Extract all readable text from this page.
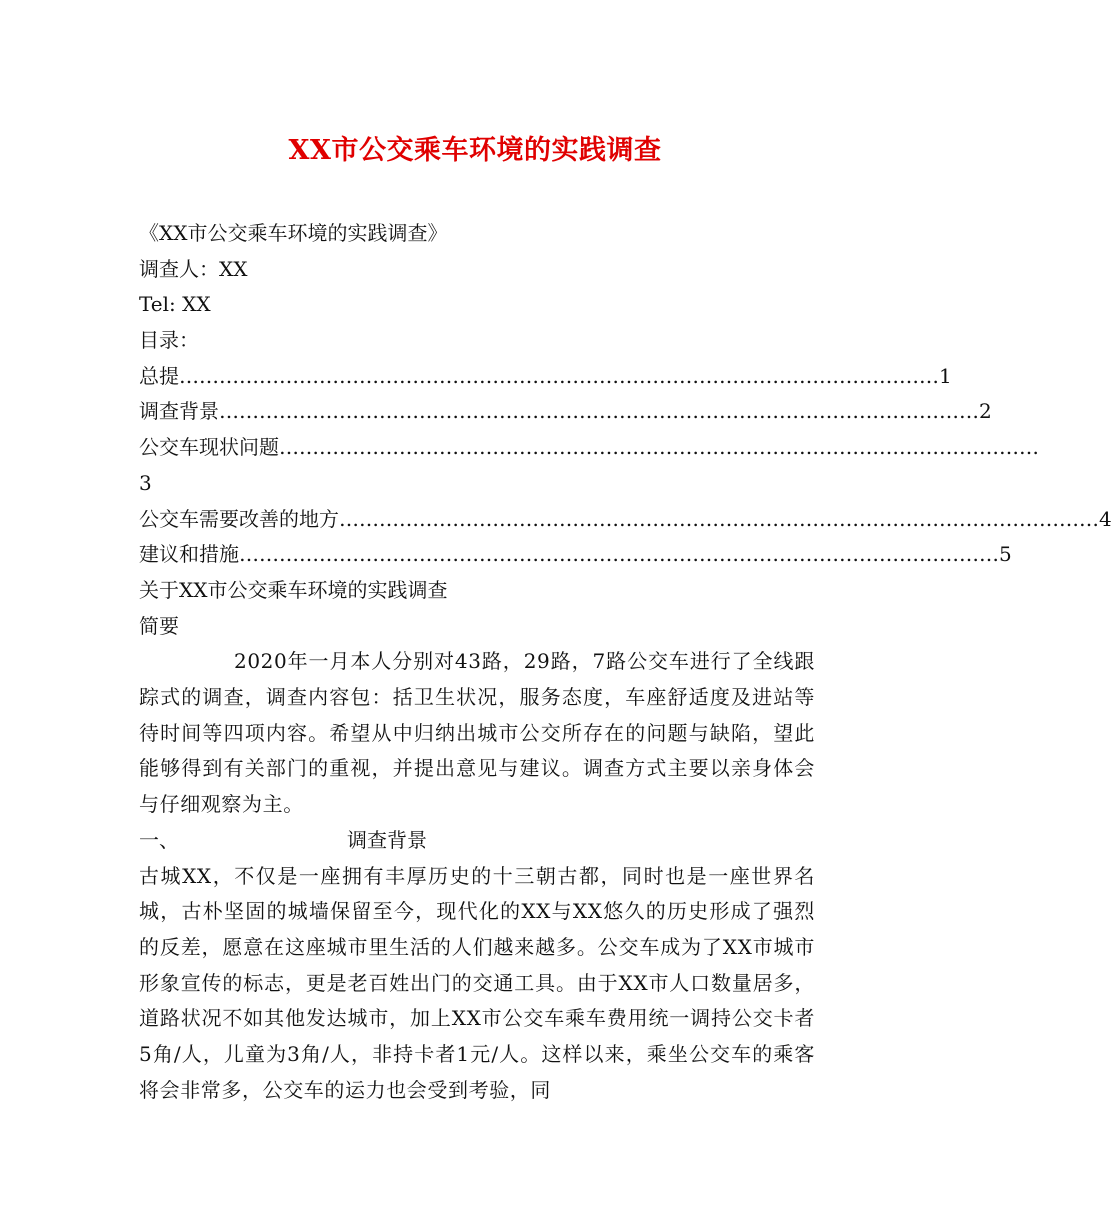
XX市公交乘车环境的实践调查
《XX市公交乘车环境的实践调查》
调查人：XX
Tel: XX
目录：
总提 …………………………………………………………………………………………………… 1
调查背景 …………………………………………………………………………………………………… 2
公交车现状问题 ……………………………………………………………………………………………………
3
公交车需要改善的地方 …………………………………………………………………………………………………… 4
建议和措施 …………………………………………………………………………………………………… 5
关于XX市公交乘车环境的实践调查
简要
2020年一月本人分别对43路，29路，7路公交车进行了全线跟踪式的调查，调查内容包：括卫生状况，服务态度，车座舒适度及进站等待时间等四项内容。希望从中归纳出城市公交所存在的问题与缺陷，望此能够得到有关部门的重视，并提出意见与建议。调查方式主要以亲身体会与仔细观察为主。
一、	调查背景
古城XX，不仅是一座拥有丰厚历史的十三朝古都，同时也是一座世界名城，古朴坚固的城墙保留至今，现代化的XX与XX悠久的历史形成了强烈的反差，愿意在这座城市里生活的人们越来越多。公交车成为了XX市城市形象宣传的标志，更是老百姓出门的交通工具。由于XX市人口数量居多，道路状况不如其他发达城市，加上XX市公交车乘车费用统一调持公交卡者5角/人，儿童为3角/人，非持卡者1元/人。这样以来，乘坐公交车的乘客将会非常多，公交车的运力也会受到考验，同
